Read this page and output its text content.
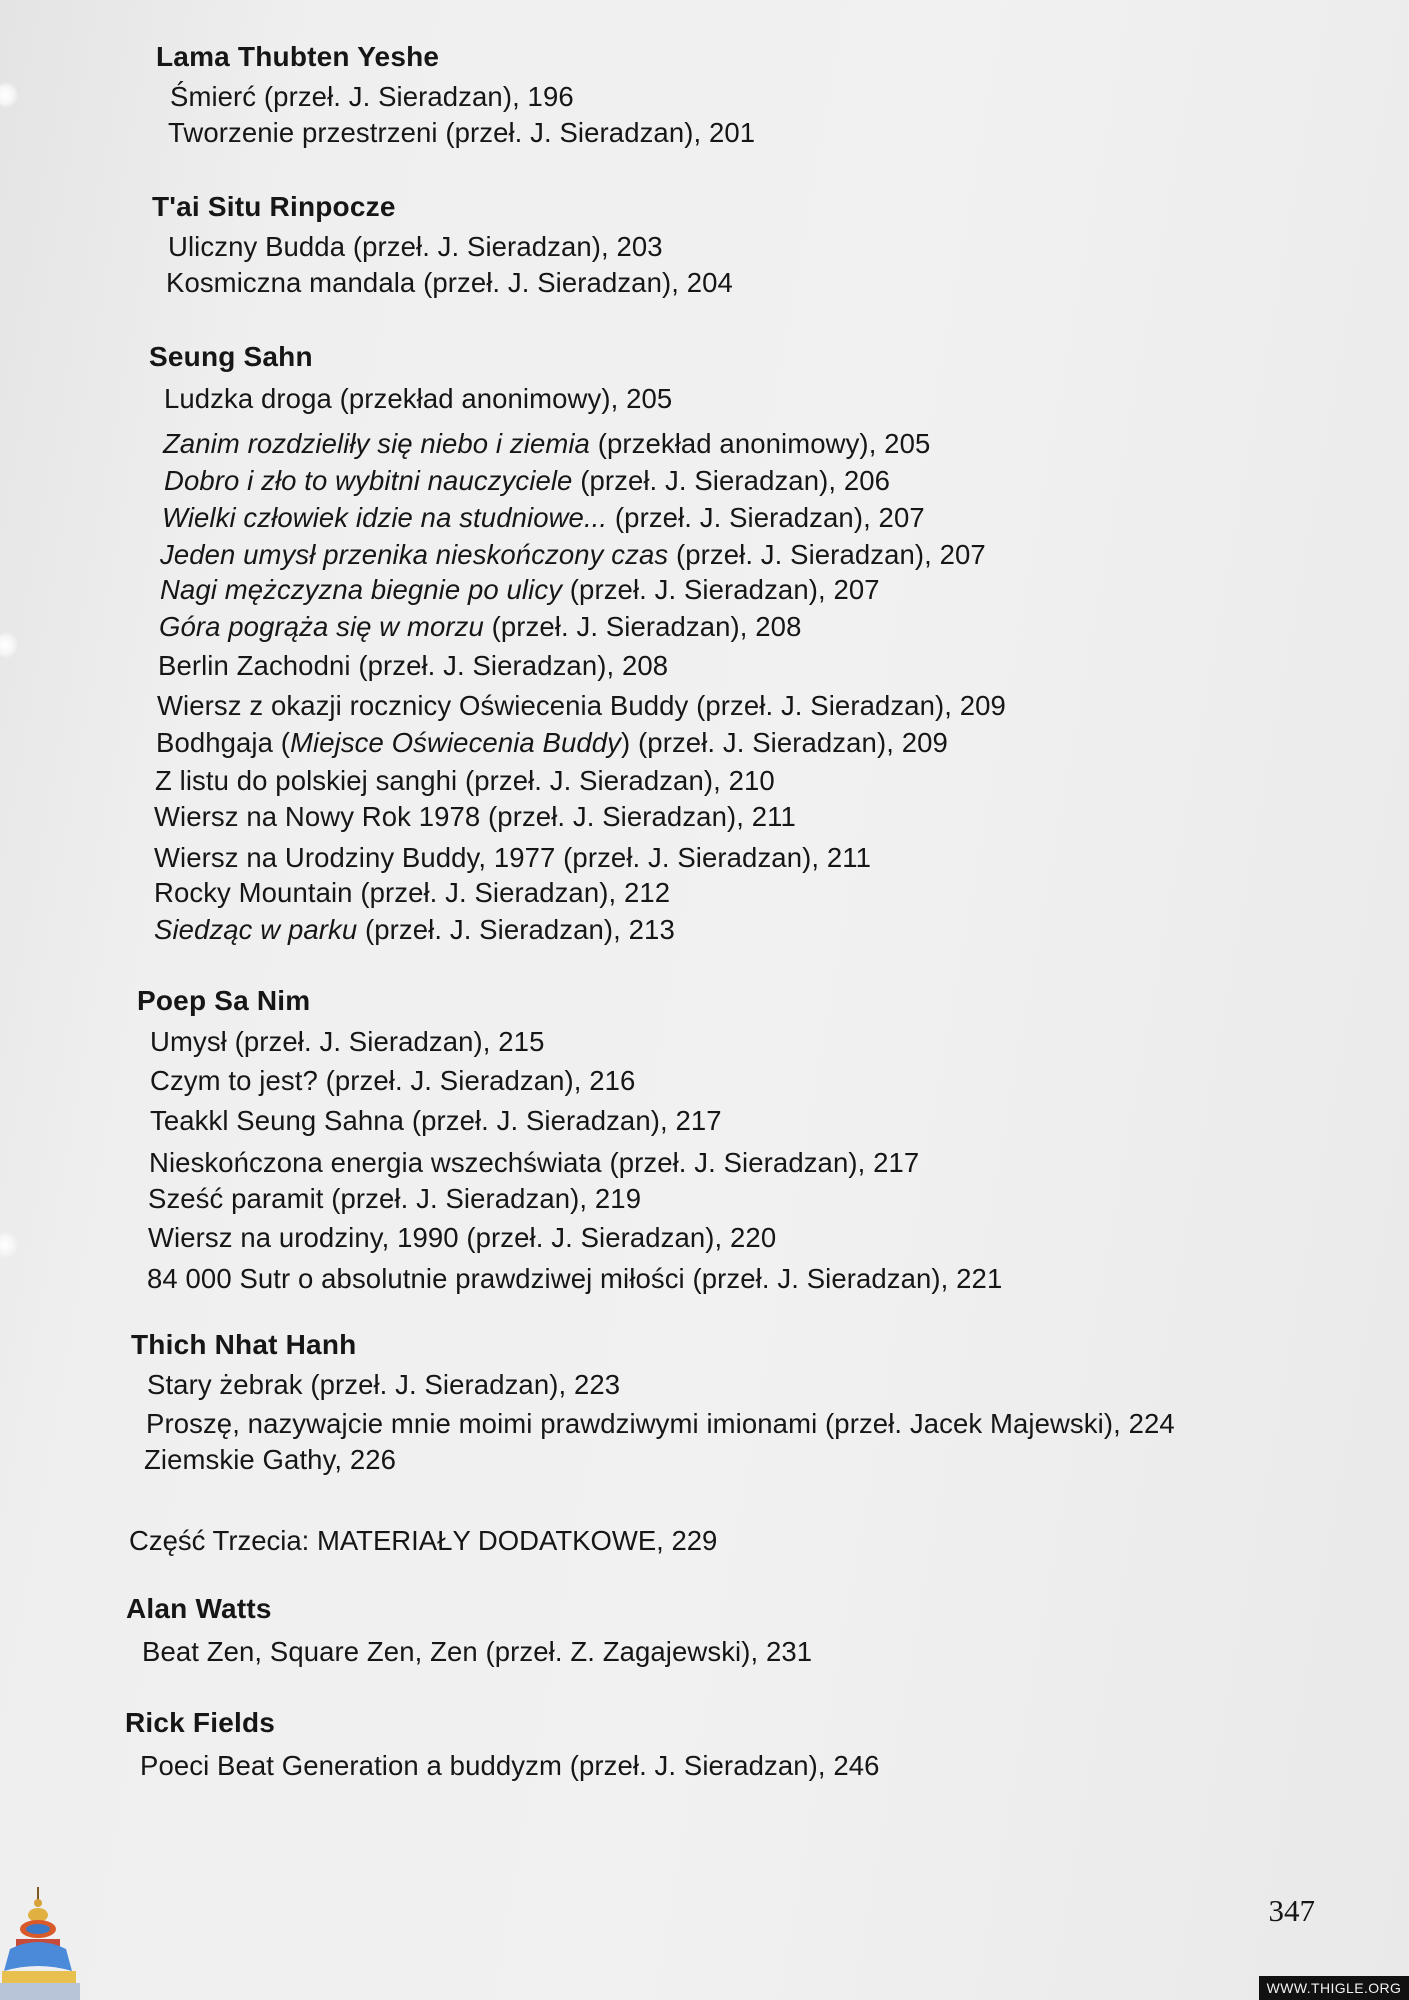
Lama Thubten Yeshe
Śmierć (przeł. J. Sieradzan), 196
Tworzenie przestrzeni (przeł. J. Sieradzan), 201
T'ai Situ Rinpocze
Uliczny Budda (przeł. J. Sieradzan), 203
Kosmiczna mandala (przeł. J. Sieradzan), 204
Seung Sahn
Ludzka droga (przekład anonimowy), 205
Zanim rozdzieliły się niebo i ziemia (przekład anonimowy), 205
Dobro i zło to wybitni nauczyciele (przeł. J. Sieradzan), 206
Wielki człowiek idzie na studniowe... (przeł. J. Sieradzan), 207
Jeden umysł przenika nieskończony czas (przeł. J. Sieradzan), 207
Nagi mężczyzna biegnie po ulicy (przeł. J. Sieradzan), 207
Góra pogrąża się w morzu (przeł. J. Sieradzan), 208
Berlin Zachodni (przeł. J. Sieradzan), 208
Wiersz z okazji rocznicy Oświecenia Buddy (przeł. J. Sieradzan), 209
Bodhgaja (Miejsce Oświecenia Buddy) (przeł. J. Sieradzan), 209
Z listu do polskiej sanghi (przeł. J. Sieradzan), 210
Wiersz na Nowy Rok 1978 (przeł. J. Sieradzan), 211
Wiersz na Urodziny Buddy, 1977 (przeł. J. Sieradzan), 211
Rocky Mountain (przeł. J. Sieradzan), 212
Siedząc w parku (przeł. J. Sieradzan), 213
Poep Sa Nim
Umysł (przeł. J. Sieradzan), 215
Czym to jest? (przeł. J. Sieradzan), 216
Teakkl Seung Sahna (przeł. J. Sieradzan), 217
Nieskończona energia wszechświata (przeł. J. Sieradzan), 217
Sześć paramit (przeł. J. Sieradzan), 219
Wiersz na urodziny, 1990 (przeł. J. Sieradzan), 220
84 000 Sutr o absolutnie prawdziwej miłości (przeł. J. Sieradzan), 221
Thich Nhat Hanh
Stary żebrak (przeł. J. Sieradzan), 223
Proszę, nazywajcie mnie moimi prawdziwymi imionami (przeł. Jacek Majewski), 224
Ziemskie Gathy, 226
Część Trzecia: MATERIAŁY DODATKOWE, 229
Alan Watts
Beat Zen, Square Zen, Zen (przeł. Z. Zagajewski), 231
Rick Fields
Poeci Beat Generation a buddyzm (przeł. J. Sieradzan), 246
347
WWW.THIGLE.ORG
